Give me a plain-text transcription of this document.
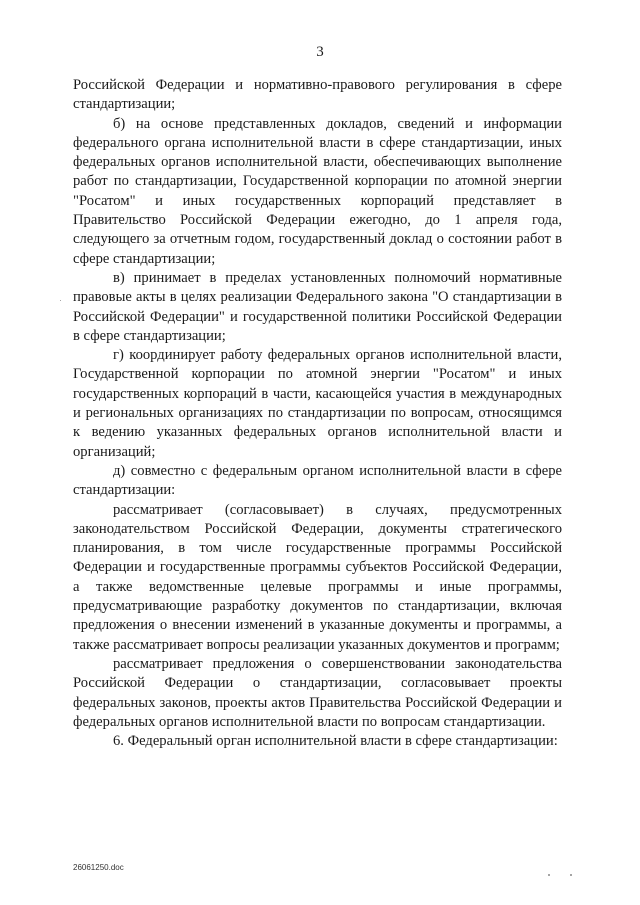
3

Российской Федерации и нормативно-правового регулирования в сфере стандартизации;

б) на основе представленных докладов, сведений и информации федерального органа исполнительной власти в сфере стандартизации, иных федеральных органов исполнительной власти, обеспечивающих выполнение работ по стандартизации, Государственной корпорации по атомной энергии "Росатом" и иных государственных корпораций представляет в Правительство Российской Федерации ежегодно, до 1 апреля года, следующего за отчетным годом, государственный доклад о состоянии работ в сфере стандартизации;

в) принимает в пределах установленных полномочий нормативные правовые акты в целях реализации Федерального закона "О стандартизации в Российской Федерации" и государственной политики Российской Федерации в сфере стандартизации;

г) координирует работу федеральных органов исполнительной власти, Государственной корпорации по атомной энергии "Росатом" и иных государственных корпораций в части, касающейся участия в международных и региональных организациях по стандартизации по вопросам, относящимся к ведению указанных федеральных органов исполнительной власти и организаций;

д) совместно с федеральным органом исполнительной власти в сфере стандартизации:

рассматривает (согласовывает) в случаях, предусмотренных законодательством Российской Федерации, документы стратегического планирования, в том числе государственные программы Российской Федерации и государственные программы субъектов Российской Федерации, а также ведомственные целевые программы и иные программы, предусматривающие разработку документов по стандартизации, включая предложения о внесении изменений в указанные документы и программы, а также рассматривает вопросы реализации указанных документов и программ;

рассматривает предложения о совершенствовании законодательства Российской Федерации о стандартизации, согласовывает проекты федеральных законов, проекты актов Правительства Российской Федерации и федеральных органов исполнительной власти по вопросам стандартизации.

6. Федеральный орган исполнительной власти в сфере стандартизации:

26061250.doc
